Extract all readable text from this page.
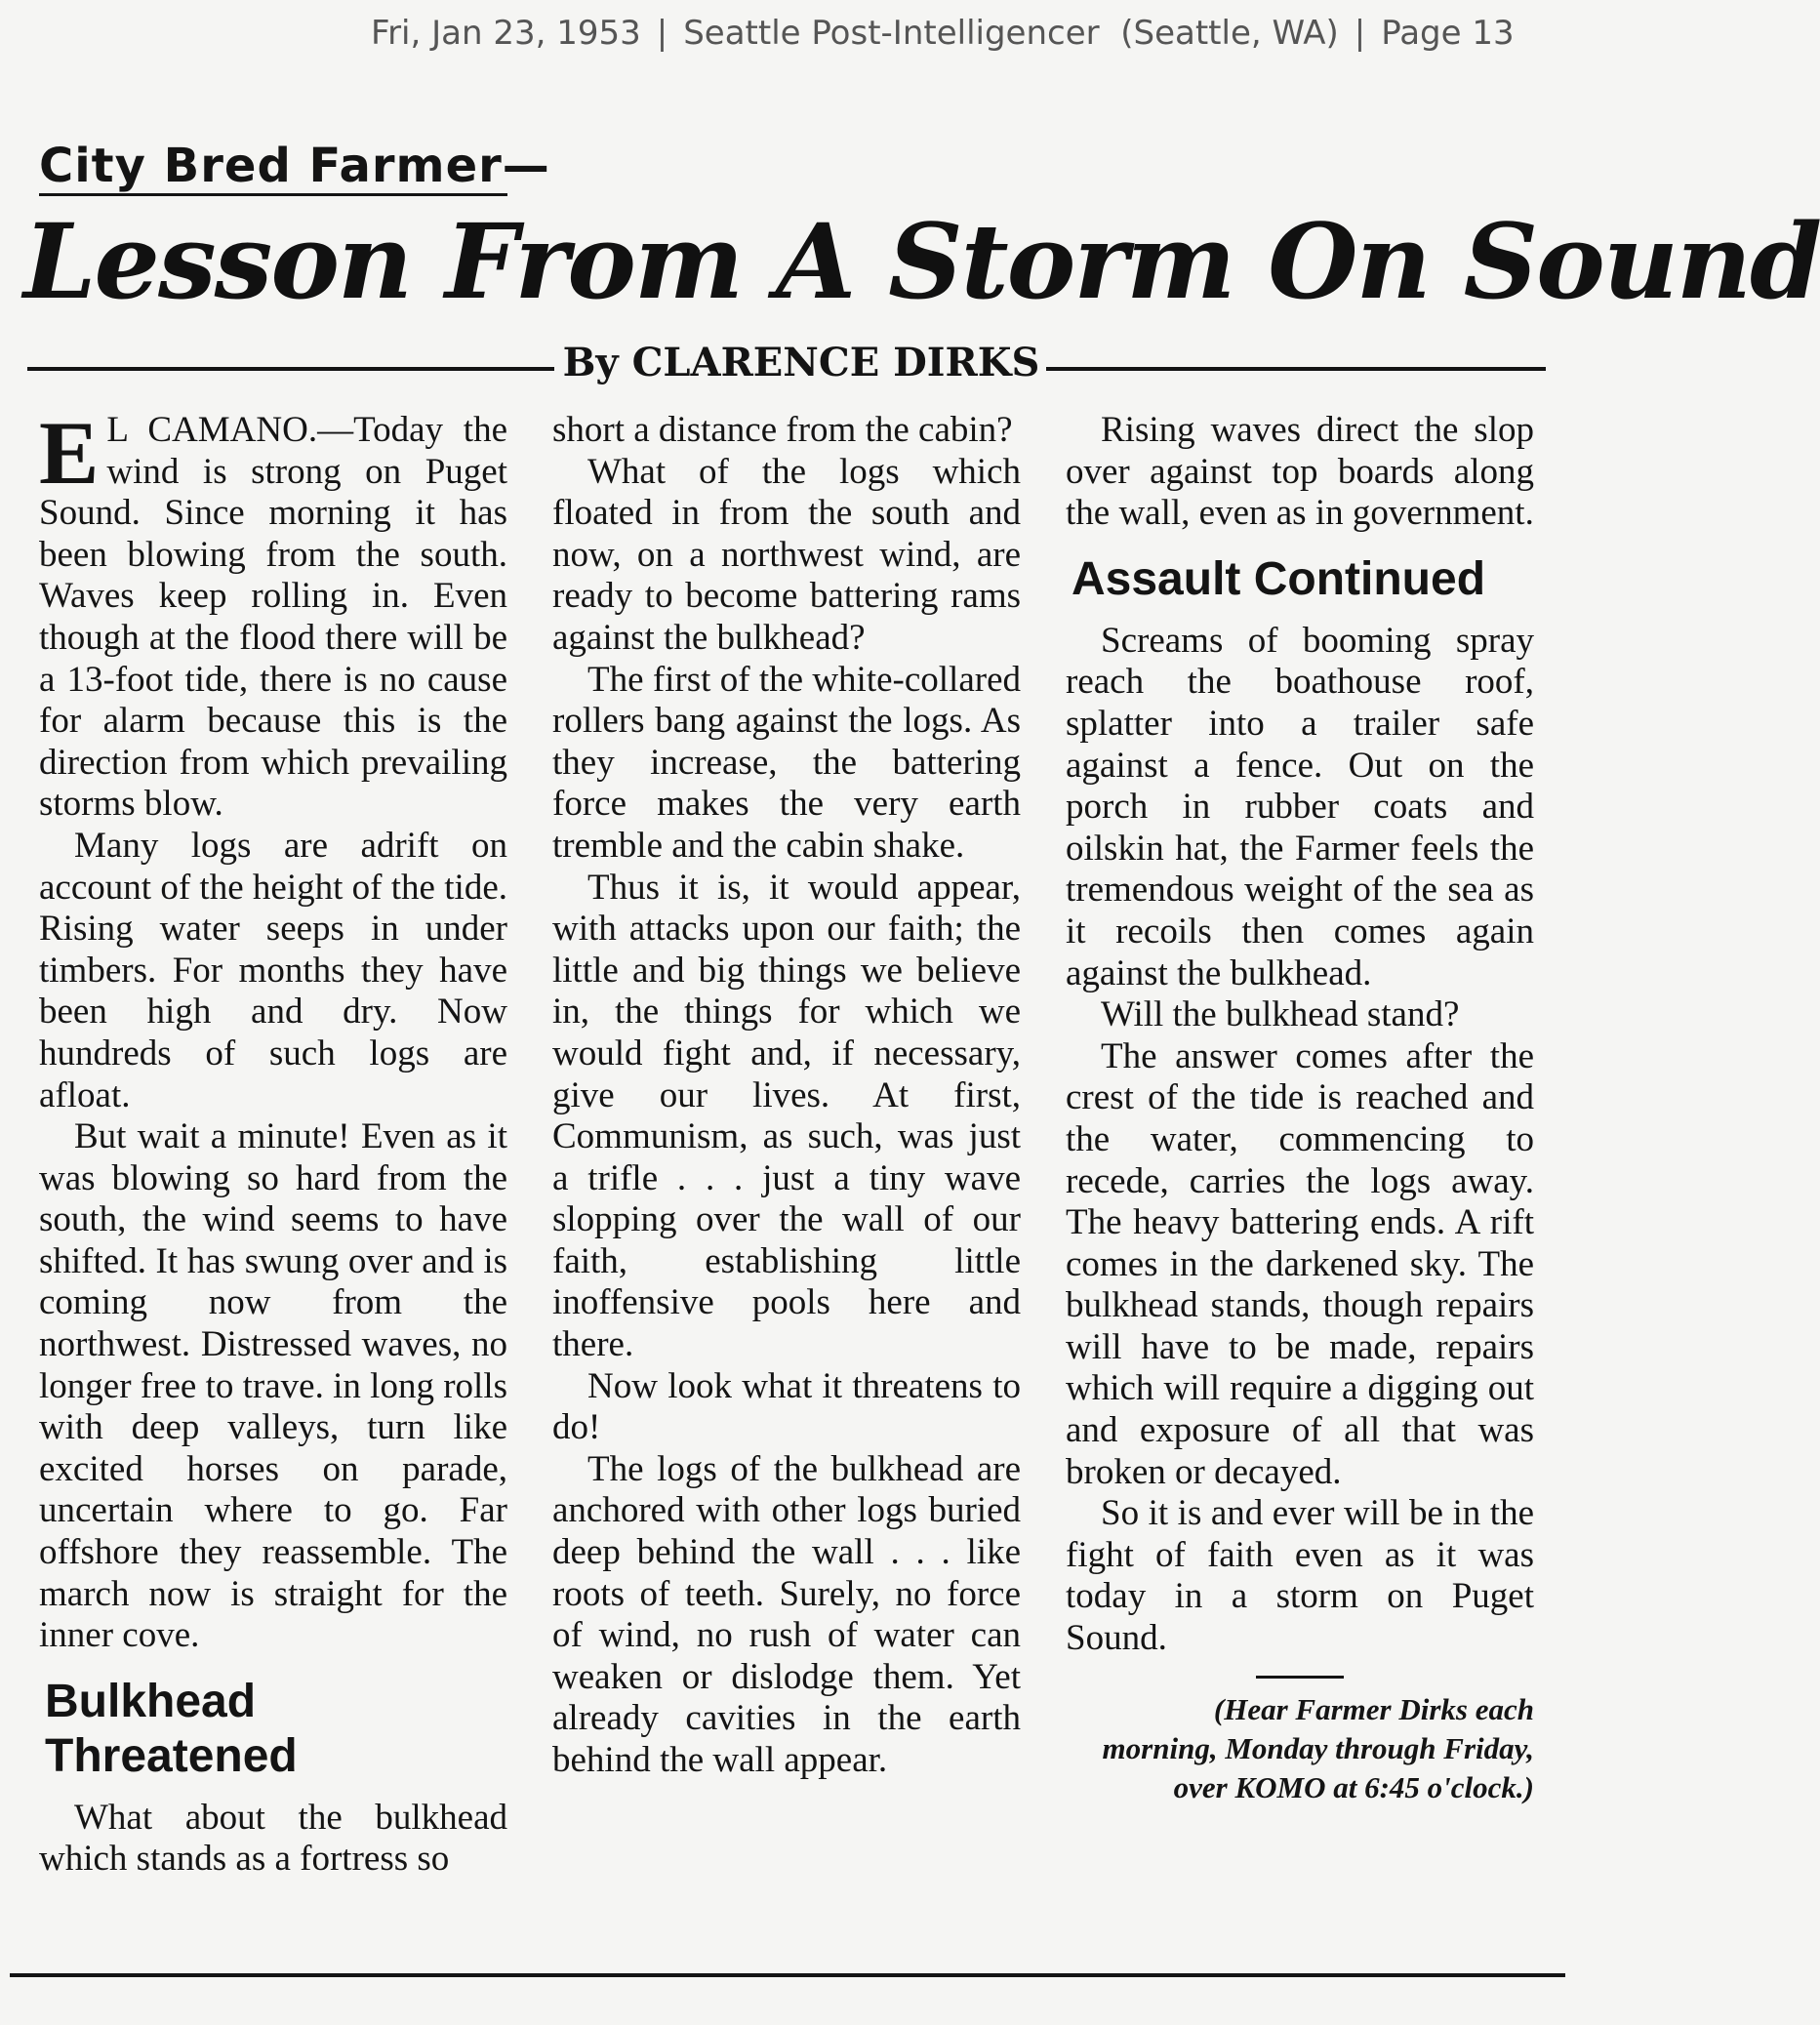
Fri, Jan 23, 1953 | Seattle Post-Intelligencer (Seattle, WA) | Page 13
City Bred Farmer—
Lesson From A Storm On Sound
By CLARENCE DIRKS

E L CAMANO.—Today the wind is strong on Puget Sound. Since morning it has been blowing from the south. Waves keep rolling in. Even though at the flood there will be a 13-foot tide, there is no cause for alarm because this is the direction from which prevailing storms blow.

Many logs are adrift on account of the height of the tide. Rising water seeps in under timbers. For months they have been high and dry. Now hundreds of such logs are afloat.

But wait a minute! Even as it was blowing so hard from the south, the wind seems to have shifted. It has swung over and is coming now from the northwest. Distressed waves, no longer free to trave. in long rolls with deep valleys, turn like excited horses on parade, uncertain where to go. Far offshore they reassemble. The march now is straight for the inner cove.

Bulkhead Threatened

What about the bulkhead which stands as a fortress so

short a distance from the cabin?

What of the logs which floated in from the south and now, on a northwest wind, are ready to become battering rams against the bulkhead?

The first of the white-collared rollers bang against the logs. As they increase, the battering force makes the very earth tremble and the cabin shake.

Thus it is, it would appear, with attacks upon our faith; the little and big things we believe in, the things for which we would fight and, if necessary, give our lives. At first, Communism, as such, was just a trifle . . . just a tiny wave slopping over the wall of our faith, establishing little inoffensive pools here and there.

Now look what it threatens to do!

The logs of the bulkhead are anchored with other logs buried deep behind the wall . . . like roots of teeth. Surely, no force of wind, no rush of water can weaken or dislodge them. Yet already cavities in the earth behind the wall appear.

Rising waves direct the slop over against top boards along the wall, even as in government.

Assault Continued

Screams of booming spray reach the boathouse roof, splatter into a trailer safe against a fence. Out on the porch in rubber coats and oilskin hat, the Farmer feels the tremendous weight of the sea as it recoils then comes again against the bulkhead.

Will the bulkhead stand?

The answer comes after the crest of the tide is reached and the water, commencing to recede, carries the logs away. The heavy battering ends. A rift comes in the darkened sky. The bulkhead stands, though repairs will have to be made, repairs which will require a digging out and exposure of all that was broken or decayed.

So it is and ever will be in the fight of faith even as it was today in a storm on Puget Sound.

(Hear Farmer Dirks each morning, Monday through Friday, over KOMO at 6:45 o'clock.)
